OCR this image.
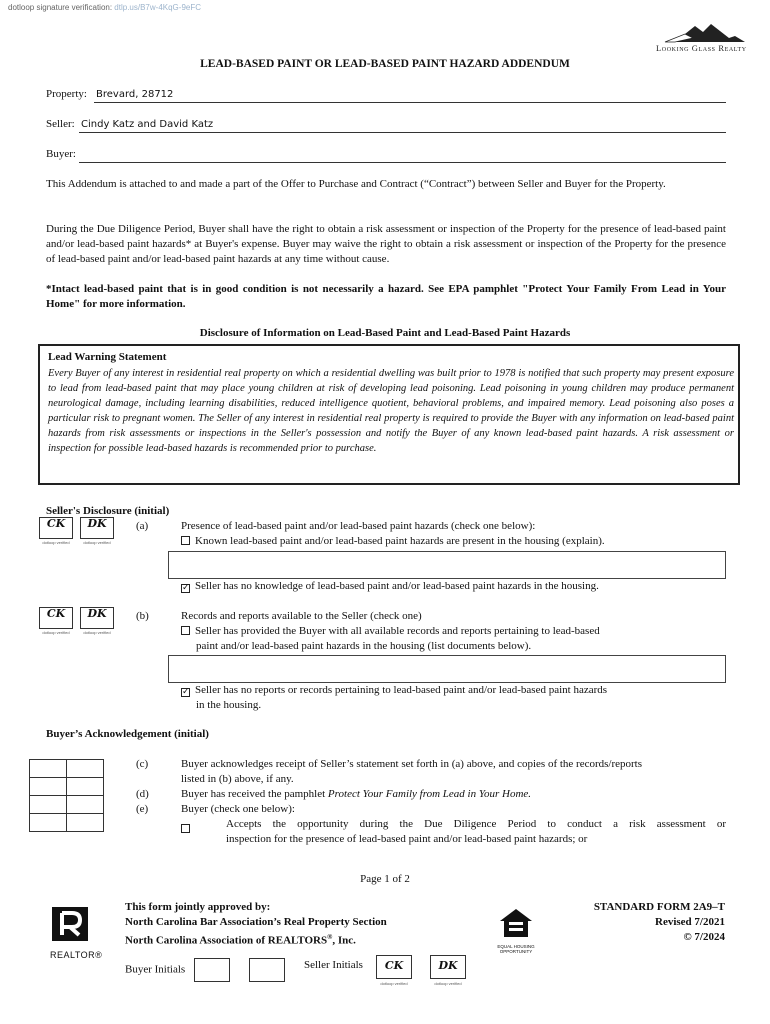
dotloop signature verification: dtlp.us/B7w-4KqG-9eFC
Looking Glass Realty
LEAD-BASED PAINT OR LEAD-BASED PAINT HAZARD ADDENDUM
Property: Brevard, 28712
Seller: Cindy Katz and David Katz
Buyer:
This Addendum is attached to and made a part of the Offer to Purchase and Contract (“Contract”) between Seller and Buyer for the Property.
During the Due Diligence Period, Buyer shall have the right to obtain a risk assessment or inspection of the Property for the presence of lead-based paint and/or lead-based paint hazards* at Buyer's expense. Buyer may waive the right to obtain a risk assessment or inspection of the Property for the presence of lead-based paint and/or lead-based paint hazards at any time without cause.
*Intact lead-based paint that is in good condition is not necessarily a hazard. See EPA pamphlet "Protect Your Family From Lead in Your Home" for more information.
Disclosure of Information on Lead-Based Paint and Lead-Based Paint Hazards
Lead Warning Statement
Every Buyer of any interest in residential real property on which a residential dwelling was built prior to 1978 is notified that such property may present exposure to lead from lead-based paint that may place young children at risk of developing lead poisoning. Lead poisoning in young children may produce permanent neurological damage, including learning disabilities, reduced intelligence quotient, behavioral problems, and impaired memory. Lead poisoning also poses a particular risk to pregnant women. The Seller of any interest in residential real property is required to provide the Buyer with any information on lead-based paint hazards from risk assessments or inspections in the Seller's possession and notify the Buyer of any known lead-based paint hazards. A risk assessment or inspection for possible lead-based hazards is recommended prior to purchase.
Seller's Disclosure (initial)
CK	DK
dotloop verified	dotloop verified
(a)	Presence of lead-based paint and/or lead-based paint hazards (check one below):
Known lead-based paint and/or lead-based paint hazards are present in the housing (explain).
✓ Seller has no knowledge of lead-based paint and/or lead-based paint hazards in the housing.
CK	DK
dotloop verified	dotloop verified
(b)	Records and reports available to the Seller (check one)
Seller has provided the Buyer with all available records and reports pertaining to lead-based
paint and/or lead-based paint hazards in the housing (list documents below).
✓ Seller has no reports or records pertaining to lead-based paint and/or lead-based paint hazards
in the housing.
Buyer’s Acknowledgement (initial)

(c)	Buyer acknowledges receipt of Seller’s statement set forth in (a) above, and copies of the records/reports
listed in (b) above, if any.
(d)	Buyer has received the pamphlet Protect Your Family from Lead in Your Home.
(e)	Buyer (check one below):
Accepts the opportunity during the Due Diligence Period to conduct a risk assessment or
inspection for the presence of lead-based paint and/or lead-based paint hazards; or
Page 1 of 2
REALTOR®
This form jointly approved by:
North Carolina Bar Association’s Real Property Section
North Carolina Association of REALTORS®, Inc.	EQUAL HOUSING OPPORTUNITY
STANDARD FORM 2A9–T
Revised 7/2021
© 7/2024
Buyer Initials	Seller Initials	CK	DK
dotloop verified	dotloop verified
